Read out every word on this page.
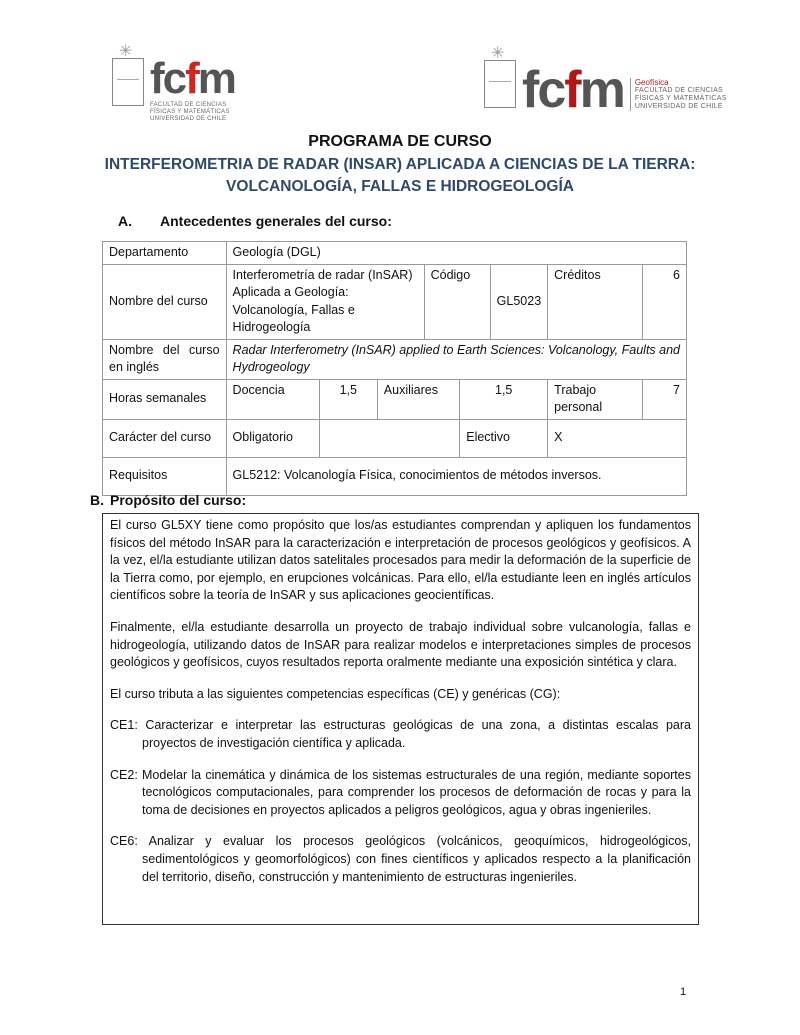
✳
fcfm
FACULTAD DE CIENCIAS
FÍSICAS Y MATEMÁTICAS
UNIVERSIDAD DE CHILE ✳	fcfm Geofísica
FACULTAD DE CIENCIAS
FÍSICAS Y MATEMÁTICAS
UNIVERSIDAD DE CHILE
PROGRAMA DE CURSO
INTERFEROMETRIA DE RADAR (INSAR) APLICADA A CIENCIAS DE LA TIERRA:
VOLCANOLOGÍA, FALLAS E HIDROGEOLOGÍA
A. Antecedentes generales del curso:
Departamento	Geología (DGL)							
Nombre del curso	Interferometría de radar (InSAR) Aplicada a Geología: Volcanología, Fallas e Hidrogeología			Código		GL5023	Créditos	6
Nombre del curso en inglés	Radar Interferometry (InSAR) applied to Earth Sciences: Volcanology, Faults and Hydrogeology							
Horas semanales	Docencia	1,5	Auxiliares		1,5		Trabajo personal	7
Carácter del curso	Obligatorio				Electivo		X	
Requisitos	GL5212: Volcanología Física, conocimientos de métodos inversos.							
B. Propósito del curso:

El curso GL5XY tiene como propósito que los/as estudiantes comprendan y apliquen los fundamentos físicos del método InSAR para la caracterización e interpretación de procesos geológicos y geofísicos. A la vez, el/la estudiante utilizan datos satelitales procesados para medir la deformación de la superficie de la Tierra como, por ejemplo, en erupciones volcánicas. Para ello, el/la estudiante leen en inglés artículos científicos sobre la teoría de InSAR y sus aplicaciones geocientíficas.

Finalmente, el/la estudiante desarrolla un proyecto de trabajo individual sobre vulcanología, fallas e hidrogeología, utilizando datos de InSAR para realizar modelos e interpretaciones simples de procesos geológicos y geofísicos, cuyos resultados reporta oralmente mediante una exposición sintética y clara.

El curso tributa a las siguientes competencias específicas (CE) y genéricas (CG):

CE1: Caracterizar e interpretar las estructuras geológicas de una zona, a distintas escalas para proyectos de investigación científica y aplicada.

CE2: Modelar la cinemática y dinámica de los sistemas estructurales de una región, mediante soportes tecnológicos computacionales, para comprender los procesos de deformación de rocas y para la toma de decisiones en proyectos aplicados a peligros geológicos, agua y obras ingenieriles.

CE6: Analizar y evaluar los procesos geológicos (volcánicos, geoquímicos, hidrogeológicos, sedimentológicos y geomorfológicos) con fines científicos y aplicados respecto a la planificación del territorio, diseño, construcción y mantenimiento de estructuras ingenieriles.

1
